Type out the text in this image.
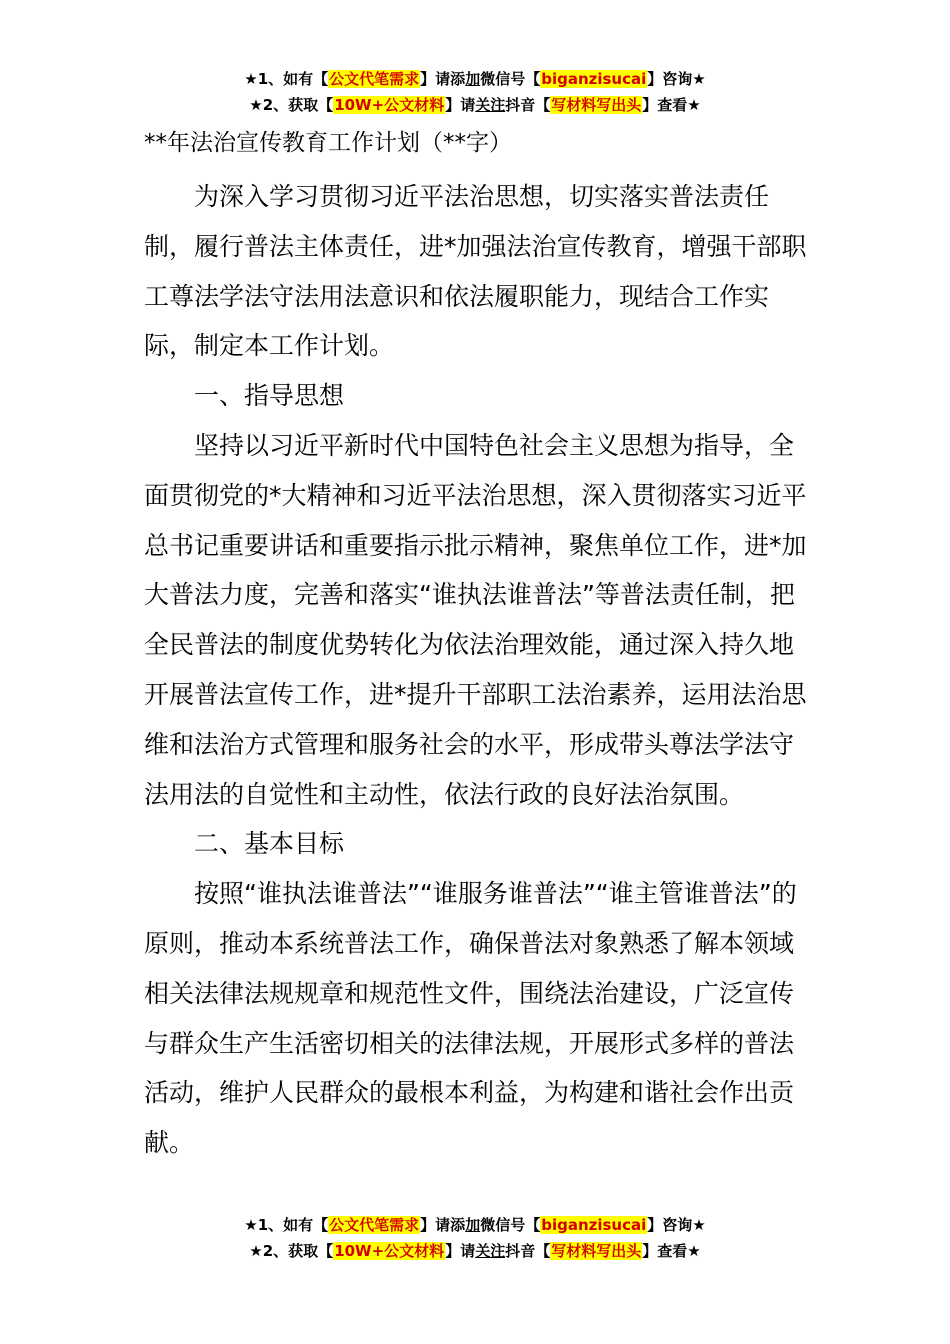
★1、如有【公文代笔需求】请添加微信号【biganzisucai】咨询★
★2、获取【10W+公文材料】请关注抖音【写材料写出头】查看★

**年法治宣传教育工作计划（**字）

为深入学习贯彻习近平法治思想，切实落实普法责任制，履行普法主体责任，进*加强法治宣传教育，增强干部职工尊法学法守法用法意识和依法履职能力，现结合工作实际，制定本工作计划。

一、指导思想

坚持以习近平新时代中国特色社会主义思想为指导，全面贯彻党的*大精神和习近平法治思想，深入贯彻落实习近平总书记重要讲话和重要指示批示精神，聚焦单位工作，进*加大普法力度，完善和落实“谁执法谁普法”等普法责任制，把全民普法的制度优势转化为依法治理效能，通过深入持久地开展普法宣传工作，进*提升干部职工法治素养，运用法治思维和法治方式管理和服务社会的水平，形成带头尊法学法守法用法的自觉性和主动性，依法行政的良好法治氛围。

二、基本目标

按照“谁执法谁普法”“谁服务谁普法”“谁主管谁普法”的原则，推动本系统普法工作，确保普法对象熟悉了解本领域相关法律法规规章和规范性文件，围绕法治建设，广泛宣传与群众生产生活密切相关的法律法规，开展形式多样的普法活动，维护人民群众的最根本利益，为构建和谐社会作出贡献。

★1、如有【公文代笔需求】请添加微信号【biganzisucai】咨询★
★2、获取【10W+公文材料】请关注抖音【写材料写出头】查看★
